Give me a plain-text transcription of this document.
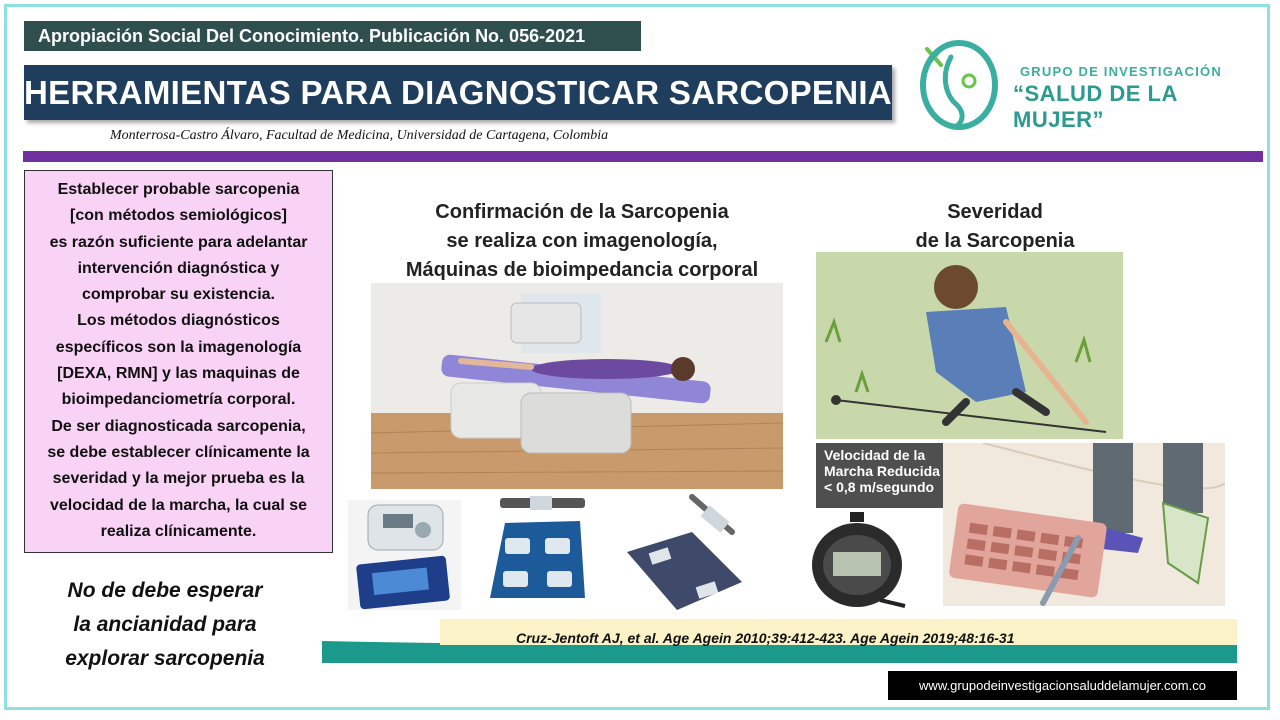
Apropiación Social Del Conocimiento. Publicación No. 056-2021
HERRAMIENTAS PARA DIAGNOSTICAR SARCOPENIA
Monterrosa-Castro Álvaro, Facultad de Medicina, Universidad de Cartagena, Colombia
GRUPO DE INVESTIGACIÓN
“SALUD DE LA MUJER”
Establecer probable sarcopenia
[con métodos semiológicos]
es razón suficiente para adelantar
intervención diagnóstica y
comprobar su existencia.
Los métodos diagnósticos
específicos son la imagenología
[DEXA, RMN] y las maquinas de
bioimpedanciometría corporal.
De ser diagnosticada sarcopenia,
se debe establecer clínicamente la
severidad y la mejor prueba es la
velocidad de la marcha, la cual se
realiza clínicamente.
No de debe esperar
la ancianidad para
explorar sarcopenia
Confirmación de la Sarcopenia
se realiza con imagenología,
Máquinas de bioimpedancia corporal
Severidad
de la Sarcopenia
Velocidad de la
Marcha Reducida
< 0,8 m/segundo
Cruz-Jentoft AJ, et al. Age Agein 2010;39:412-423. Age Agein 2019;48:16-31
www.grupodeinvestigacionsaluddelamujer.com.co
